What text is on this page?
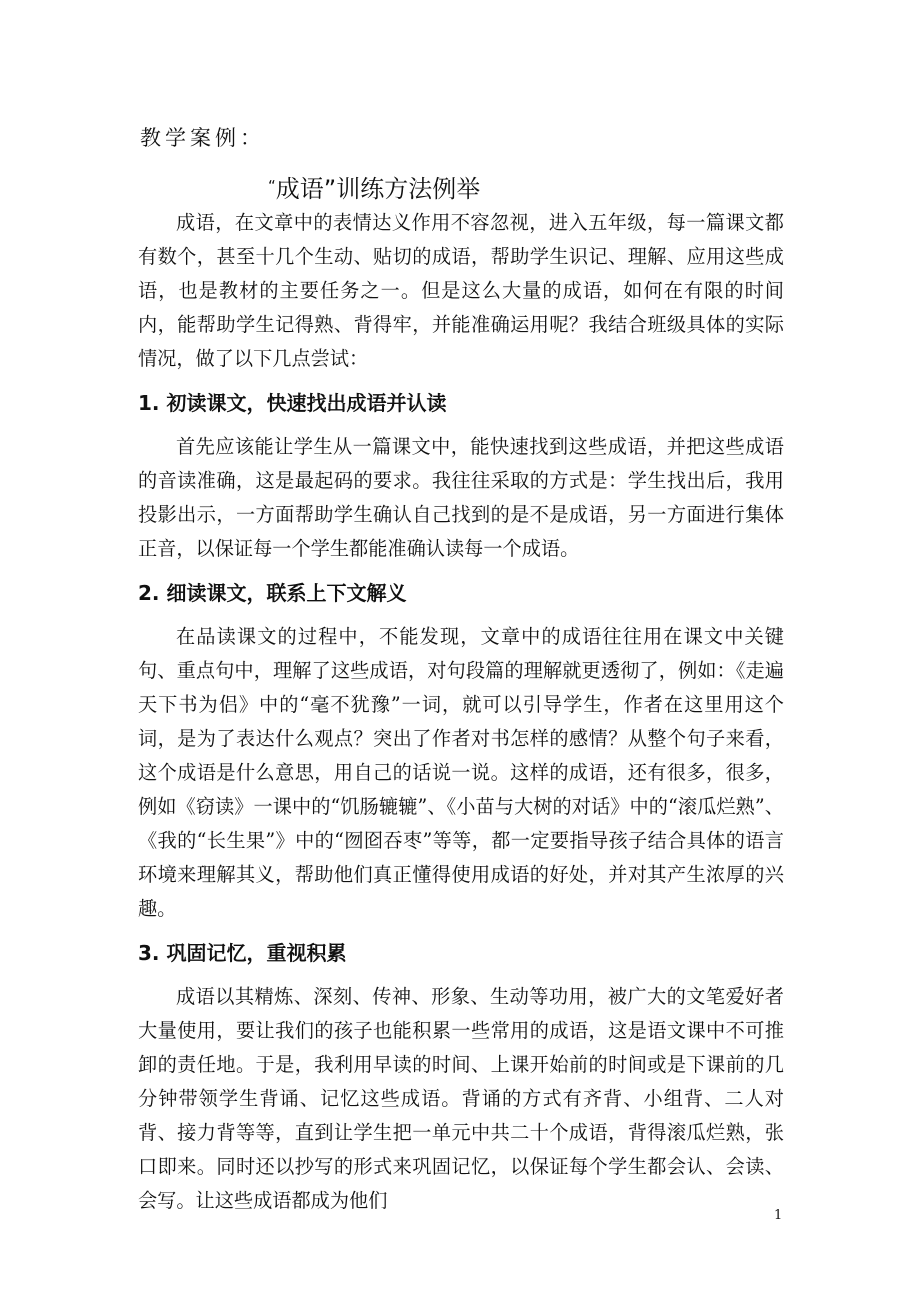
教学案例：
“成语”训练方法例举

成语，在文章中的表情达义作用不容忽视，进入五年级，每一篇课文都有数个，甚至十几个生动、贴切的成语，帮助学生识记、理解、应用这些成语，也是教材的主要任务之一。但是这么大量的成语，如何在有限的时间内，能帮助学生记得熟、背得牢，并能准确运用呢？我结合班级具体的实际情况，做了以下几点尝试：

1. 初读课文，快速找出成语并认读

首先应该能让学生从一篇课文中，能快速找到这些成语，并把这些成语的音读准确，这是最起码的要求。我往往采取的方式是：学生找出后，我用投影出示，一方面帮助学生确认自己找到的是不是成语，另一方面进行集体正音，以保证每一个学生都能准确认读每一个成语。

2. 细读课文，联系上下文解义

在品读课文的过程中，不能发现，文章中的成语往往用在课文中关键句、重点句中，理解了这些成语，对句段篇的理解就更透彻了，例如：《走遍天下书为侣》中的“毫不犹豫”一词，就可以引导学生，作者在这里用这个词，是为了表达什么观点？突出了作者对书怎样的感情？从整个句子来看，这个成语是什么意思，用自己的话说一说。这样的成语，还有很多，很多，例如《窃读》一课中的“饥肠辘辘”、《小苗与大树的对话》中的“滚瓜烂熟”、《我的“长生果”》中的“囫囵吞枣”等等，都一定要指导孩子结合具体的语言环境来理解其义，帮助他们真正懂得使用成语的好处，并对其产生浓厚的兴趣。

3. 巩固记忆，重视积累

成语以其精炼、深刻、传神、形象、生动等功用，被广大的文笔爱好者大量使用，要让我们的孩子也能积累一些常用的成语，这是语文课中不可推卸的责任地。于是，我利用早读的时间、上课开始前的时间或是下课前的几分钟带领学生背诵、记忆这些成语。背诵的方式有齐背、小组背、二人对背、接力背等等，直到让学生把一单元中共二十个成语，背得滚瓜烂熟，张口即来。同时还以抄写的形式来巩固记忆，以保证每个学生都会认、会读、会写。让这些成语都成为他们

1
